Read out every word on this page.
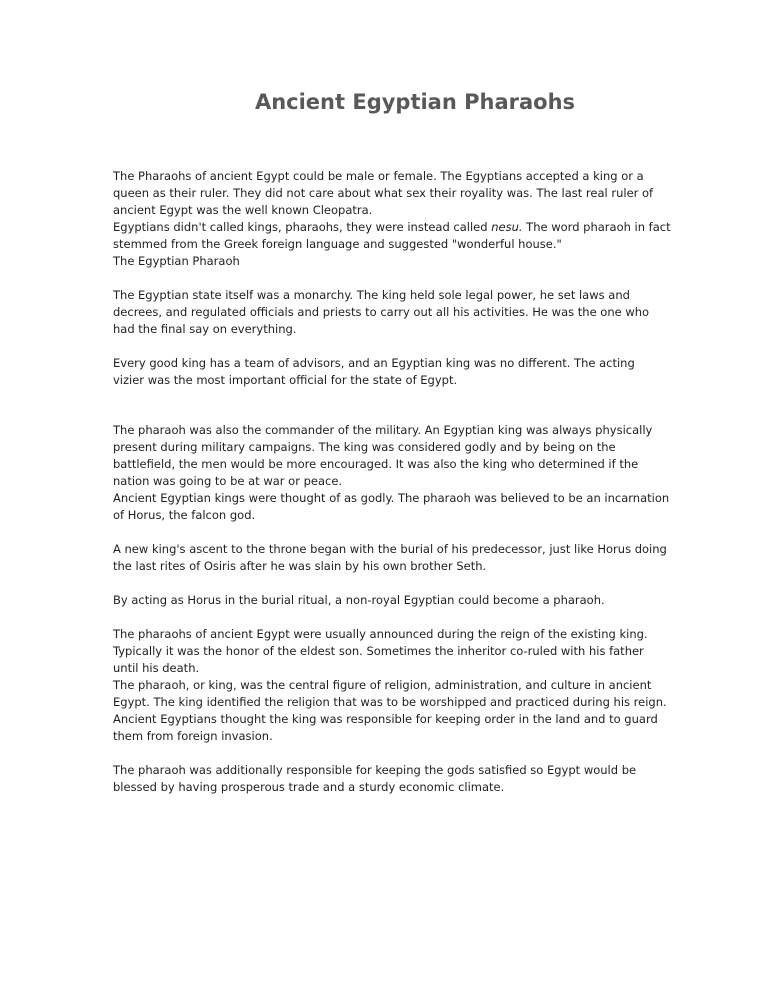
Ancient Egyptian Pharaohs
The Pharaohs of ancient Egypt could be male or female. The Egyptians accepted a king or a
queen as their ruler. They did not care about what sex their royality was. The last real ruler of
ancient Egypt was the well known Cleopatra.
Egyptians didn't called kings, pharaohs, they were instead called nesu. The word pharaoh in fact
stemmed from the Greek foreign language and suggested "wonderful house."
The Egyptian Pharaoh
The Egyptian state itself was a monarchy. The king held sole legal power, he set laws and
decrees, and regulated officials and priests to carry out all his activities. He was the one who
had the final say on everything.
Every good king has a team of advisors, and an Egyptian king was no different. The acting
vizier was the most important official for the state of Egypt.
The pharaoh was also the commander of the military. An Egyptian king was always physically
present during military campaigns. The king was considered godly and by being on the
battlefield, the men would be more encouraged. It was also the king who determined if the
nation was going to be at war or peace.
Ancient Egyptian kings were thought of as godly. The pharaoh was believed to be an incarnation
of Horus, the falcon god.
A new king's ascent to the throne began with the burial of his predecessor, just like Horus doing
the last rites of Osiris after he was slain by his own brother Seth.
By acting as Horus in the burial ritual, a non-royal Egyptian could become a pharaoh.
The pharaohs of ancient Egypt were usually announced during the reign of the existing king.
Typically it was the honor of the eldest son. Sometimes the inheritor co-ruled with his father
until his death.
The pharaoh, or king, was the central figure of religion, administration, and culture in ancient
Egypt. The king identified the religion that was to be worshipped and practiced during his reign.
Ancient Egyptians thought the king was responsible for keeping order in the land and to guard
them from foreign invasion.
The pharaoh was additionally responsible for keeping the gods satisfied so Egypt would be
blessed by having prosperous trade and a sturdy economic climate.
